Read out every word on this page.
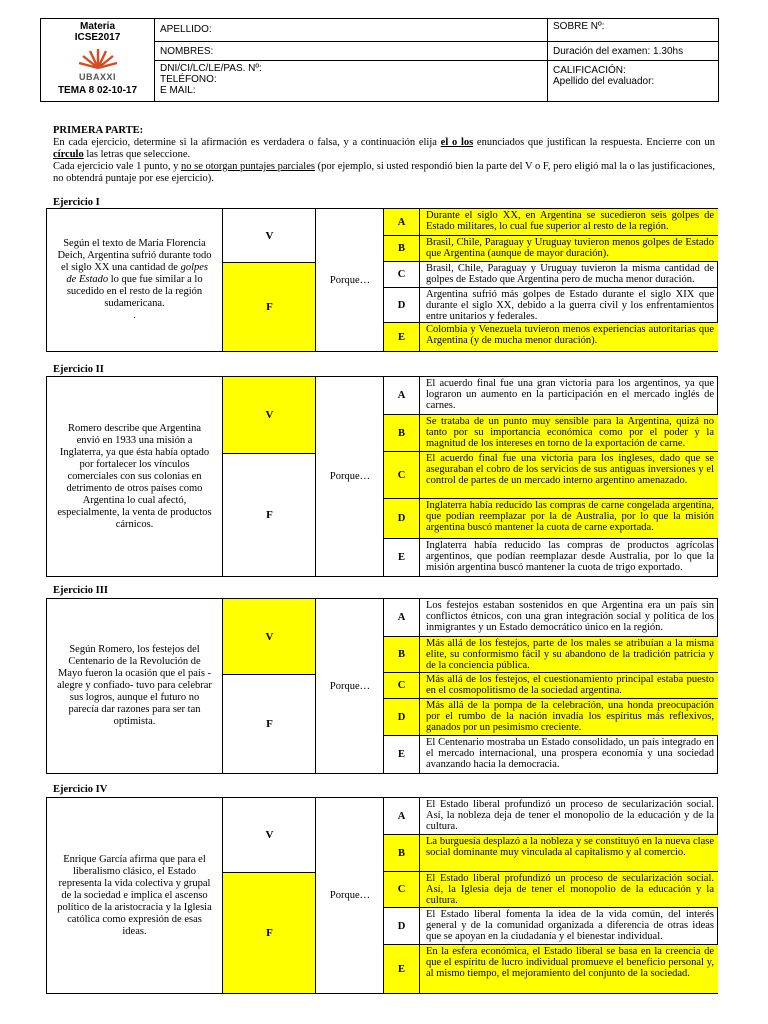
Materia
ICSE2017
UBAXXI
TEMA 8 02-10-17
APELLIDO:
NOMBRES:
DNI/CI/LC/LE/PAS. Nº:
TELÉFONO:
E MAIL:
SOBRE Nº:
Duración del examen: 1.30hs
CALIFICACIÓN:
Apellido del evaluador:

PRIMERA PARTE:

En cada ejercicio, determine si la afirmación es verdadera o falsa, y a continuación elija el o los enunciados que justifican la respuesta. Encierre con un círculo las letras que seleccione.

Cada ejercicio vale 1 punto, y no se otorgan puntajes parciales (por ejemplo, si usted respondió bien la parte del V o F, pero eligió mal la o las justificaciones, no obtendrá puntaje por ese ejercicio).

Ejercicio I
Según el texto de María Florencia Deich, Argentina sufrió durante todo el siglo XX una cantidad de golpes de Estado lo que fue similar a lo sucedido en el resto de la región sudamericana.
.
V
F
Porque…
A
Durante el siglo XX, en Argentina se sucedieron seis golpes de Estado militares, lo cual fue superior al resto de la región.
B
Brasil, Chile, Paraguay y Uruguay tuvieron menos golpes de Estado que Argentina (aunque de mayor duración).
C
Brasil, Chile, Paraguay y Uruguay tuvieron la misma cantidad de golpes de Estado que Argentina pero de mucha menor duración.
D
Argentina sufrió más golpes de Estado durante el siglo XIX que durante el siglo XX, debido a la guerra civil y los enfrentamientos entre unitarios y federales.
E
Colombia y Venezuela tuvieron menos experiencias autoritarias que Argentina (y de mucha menor duración).
Ejercicio II
Romero describe que Argentina envió en 1933 una misión a Inglaterra, ya que ésta había optado por fortalecer los vínculos comerciales con sus colonias en detrimento de otros países como Argentina lo cual afectó, especialmente, la venta de productos cárnicos.
V
F
Porque…
A
El acuerdo final fue una gran victoria para los argentinos, ya que lograron un aumento en la participación en el mercado inglés de carnes.
B
Se trataba de un punto muy sensible para la Argentina, quizá no tanto por su importancia económica como por el poder y la magnitud de los intereses en torno de la exportación de carne.
C
El acuerdo final fue una victoria para los ingleses, dado que se aseguraban el cobro de los servicios de sus antiguas inversiones y el control de partes de un mercado interno argentino amenazado.
D
Inglaterra había reducido las compras de carne congelada argentina, que podían reemplazar por la de Australia, por lo que la misión argentina buscó mantener la cuota de carne exportada.
E
Inglaterra había reducido las compras de productos agrícolas argentinos, que podían reemplazar desde Australia, por lo que la misión argentina buscó mantener la cuota de trigo exportado.
Ejercicio III
Según Romero, los festejos del Centenario de la Revolución de Mayo fueron la ocasión que el país -alegre y confiado- tuvo para celebrar sus logros, aunque el futuro no parecía dar razones para ser tan optimista.
V
F
Porque…
A
Los festejos estaban sostenidos en que Argentina era un país sin conflictos étnicos, con una gran integración social y política de los inmigrantes y un Estado democrático único en la región.
B
Más allá de los festejos, parte de los males se atribuían a la misma elite, su conformismo fácil y su abandono de la tradición patricia y de la conciencia pública.
C
Más allá de los festejos, el cuestionamiento principal estaba puesto en el cosmopolitismo de la sociedad argentina.
D
Más allá de la pompa de la celebración, una honda preocupación por el rumbo de la nación invadía los espíritus más reflexivos, ganados por un pesimismo creciente.
E
El Centenario mostraba un Estado consolidado, un país integrado en el mercado internacional, una prospera economía y una sociedad avanzando hacia la democracia.
Ejercicio IV
Enrique García afirma que para el liberalismo clásico, el Estado representa la vida colectiva y grupal de la sociedad e implica el ascenso político de la aristocracia y la Iglesia católica como expresión de esas ideas.
V
F
Porque…
A
El Estado liberal profundizó un proceso de secularización social. Así, la nobleza deja de tener el monopolio de la educación y de la cultura.
B
La burguesía desplazó a la nobleza y se constituyó en la nueva clase social dominante muy vinculada al capitalismo y al comercio.
C
El Estado liberal profundizó un proceso de secularización social. Así, la Iglesia deja de tener el monopolio de la educación y la cultura.
D
El Estado liberal fomenta la idea de la vida común, del interés general y de la comunidad organizada a diferencia de otras ideas que se apoyan en la ciudadanía y el bienestar individual.
E
En la esfera económica, el Estado liberal se basa en la creencia de que el espíritu de lucro individual promueve el beneficio personal y, al mismo tiempo, el mejoramiento del conjunto de la sociedad.
